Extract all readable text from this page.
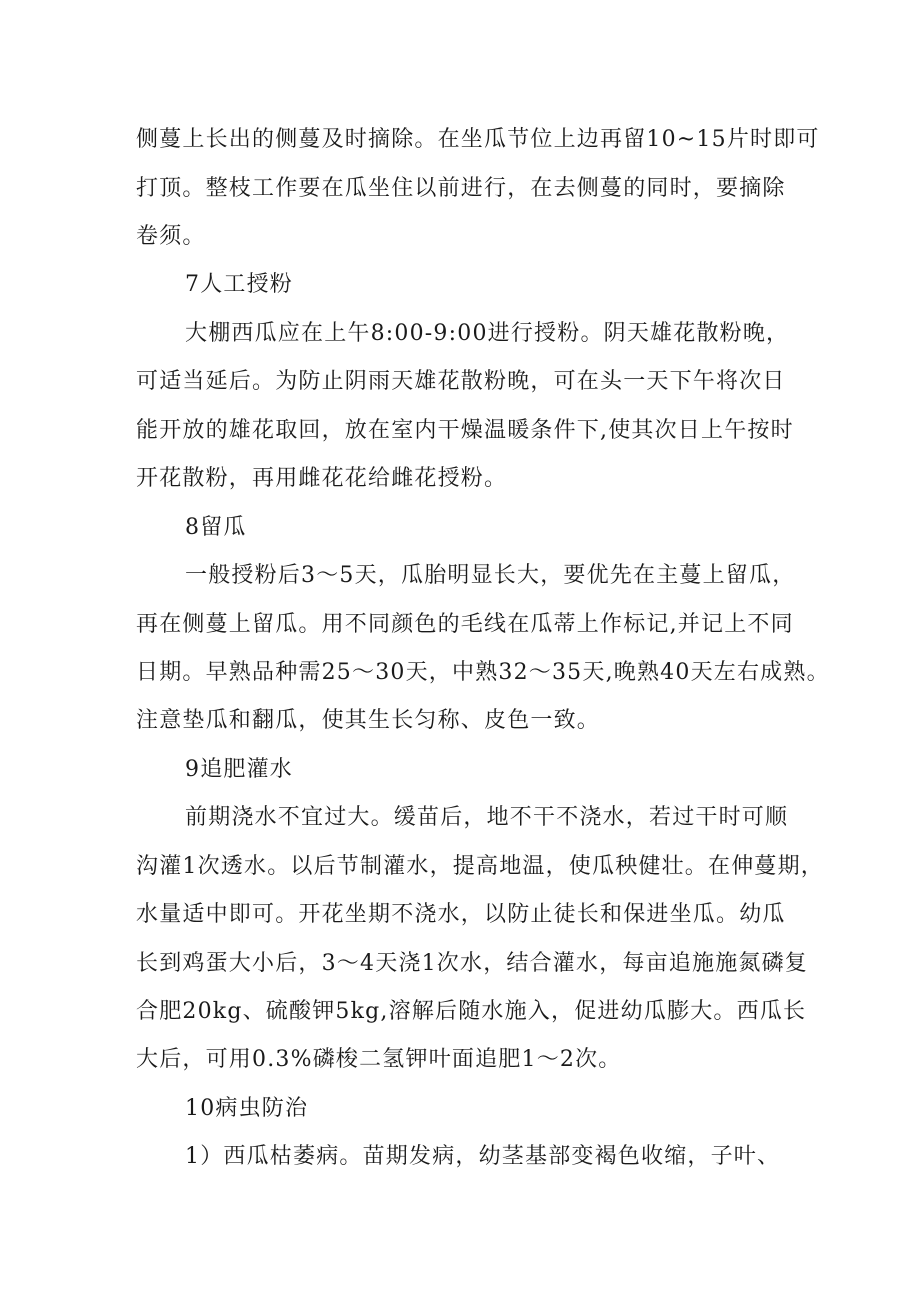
侧蔓上长出的侧蔓及时摘除。在坐瓜节位上边再留10~15片时即可
打顶。整枝工作要在瓜坐住以前进行，在去侧蔓的同时，要摘除
卷须。
7人工授粉
大棚西瓜应在上午8:00-9:00进行授粉。阴天雄花散粉晚，
可适当延后。为防止阴雨天雄花散粉晚，可在头一天下午将次日
能开放的雄花取回，放在室内干燥温暖条件下,使其次日上午按时
开花散粉，再用雌花花给雌花授粉。
8留瓜
一般授粉后3～5天，瓜胎明显长大，要优先在主蔓上留瓜，
再在侧蔓上留瓜。用不同颜色的毛线在瓜蒂上作标记,并记上不同
日期。早熟品种需25～30天，中熟32～35天,晚熟40天左右成熟。
注意垫瓜和翻瓜，使其生长匀称、皮色一致。
9追肥灌水
前期浇水不宜过大。缓苗后，地不干不浇水，若过干时可顺
沟灌1次透水。以后节制灌水，提高地温，使瓜秧健壮。在伸蔓期，
水量适中即可。开花坐期不浇水，以防止徒长和保进坐瓜。幼瓜
长到鸡蛋大小后，3～4天浇1次水，结合灌水，每亩追施施氮磷复
合肥20kg、硫酸钾5kg,溶解后随水施入，促进幼瓜膨大。西瓜长
大后，可用0.3%磷梭二氢钾叶面追肥1～2次。
10病虫防治
1）西瓜枯萎病。苗期发病，幼茎基部变褐色收缩，子叶、
